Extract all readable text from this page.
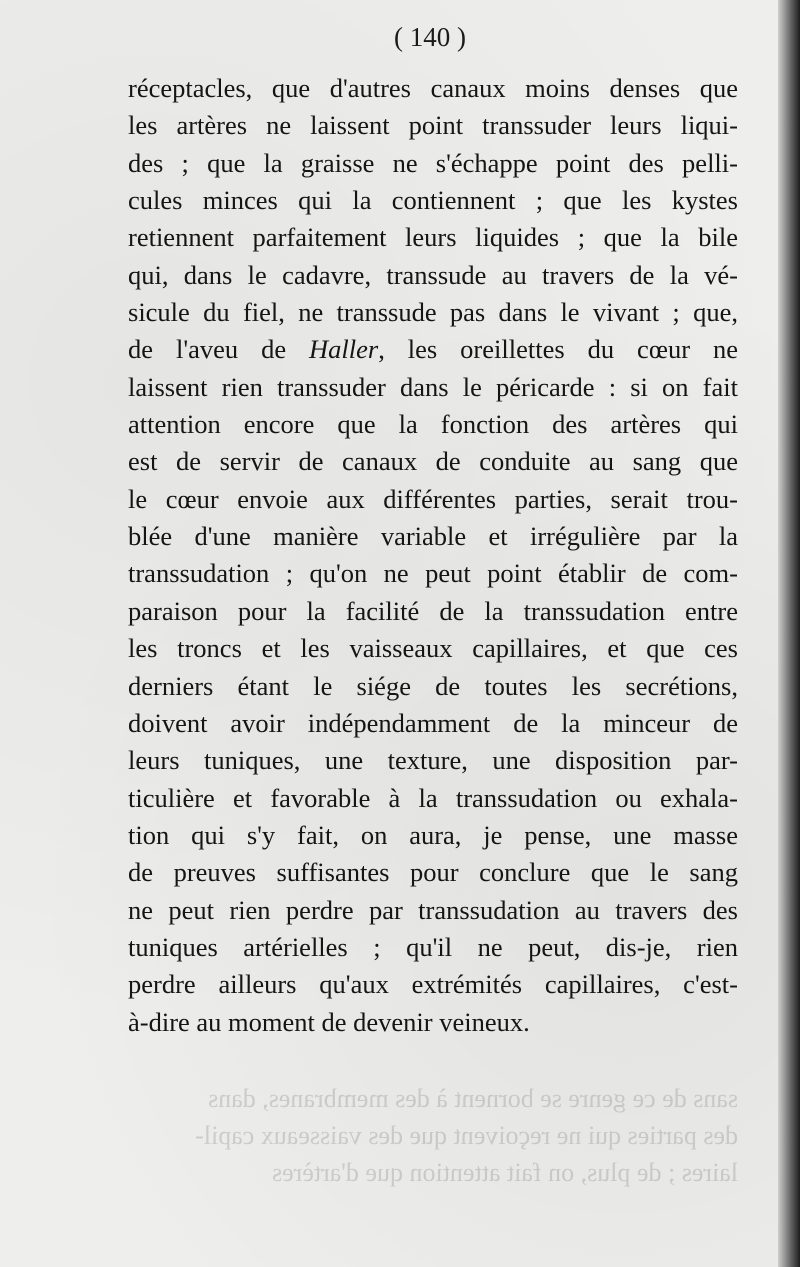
( 140 )
sans de ce genre se bornent à des membranes, dans
des parties qui ne reçoivent que des vaisseaux capil-
laires ; de plus, on fait attention que d'artères
réceptacles, que d'autres canaux moins denses que
les artères ne laissent point transsuder leurs liqui-
des ; que la graisse ne s'échappe point des pelli-
cules minces qui la contiennent ; que les kystes
retiennent parfaitement leurs liquides ; que la bile
qui, dans le cadavre, transsude au travers de la vé-
sicule du fiel, ne transsude pas dans le vivant ; que,
de l'aveu de Haller, les oreillettes du cœur ne
laissent rien transsuder dans le péricarde : si on fait
attention encore que la fonction des artères qui
est de servir de canaux de conduite au sang que
le cœur envoie aux différentes parties, serait trou-
blée d'une manière variable et irrégulière par la
transsudation ; qu'on ne peut point établir de com-
paraison pour la facilité de la transsudation entre
les troncs et les vaisseaux capillaires, et que ces
derniers étant le siége de toutes les secrétions,
doivent avoir indépendamment de la minceur de
leurs tuniques, une texture, une disposition par-
ticulière et favorable à la transsudation ou exhala-
tion qui s'y fait, on aura, je pense, une masse
de preuves suffisantes pour conclure que le sang
ne peut rien perdre par transsudation au travers des
tuniques artérielles ; qu'il ne peut, dis-je, rien
perdre ailleurs qu'aux extrémités capillaires, c'est-
à-dire au moment de devenir veineux.
